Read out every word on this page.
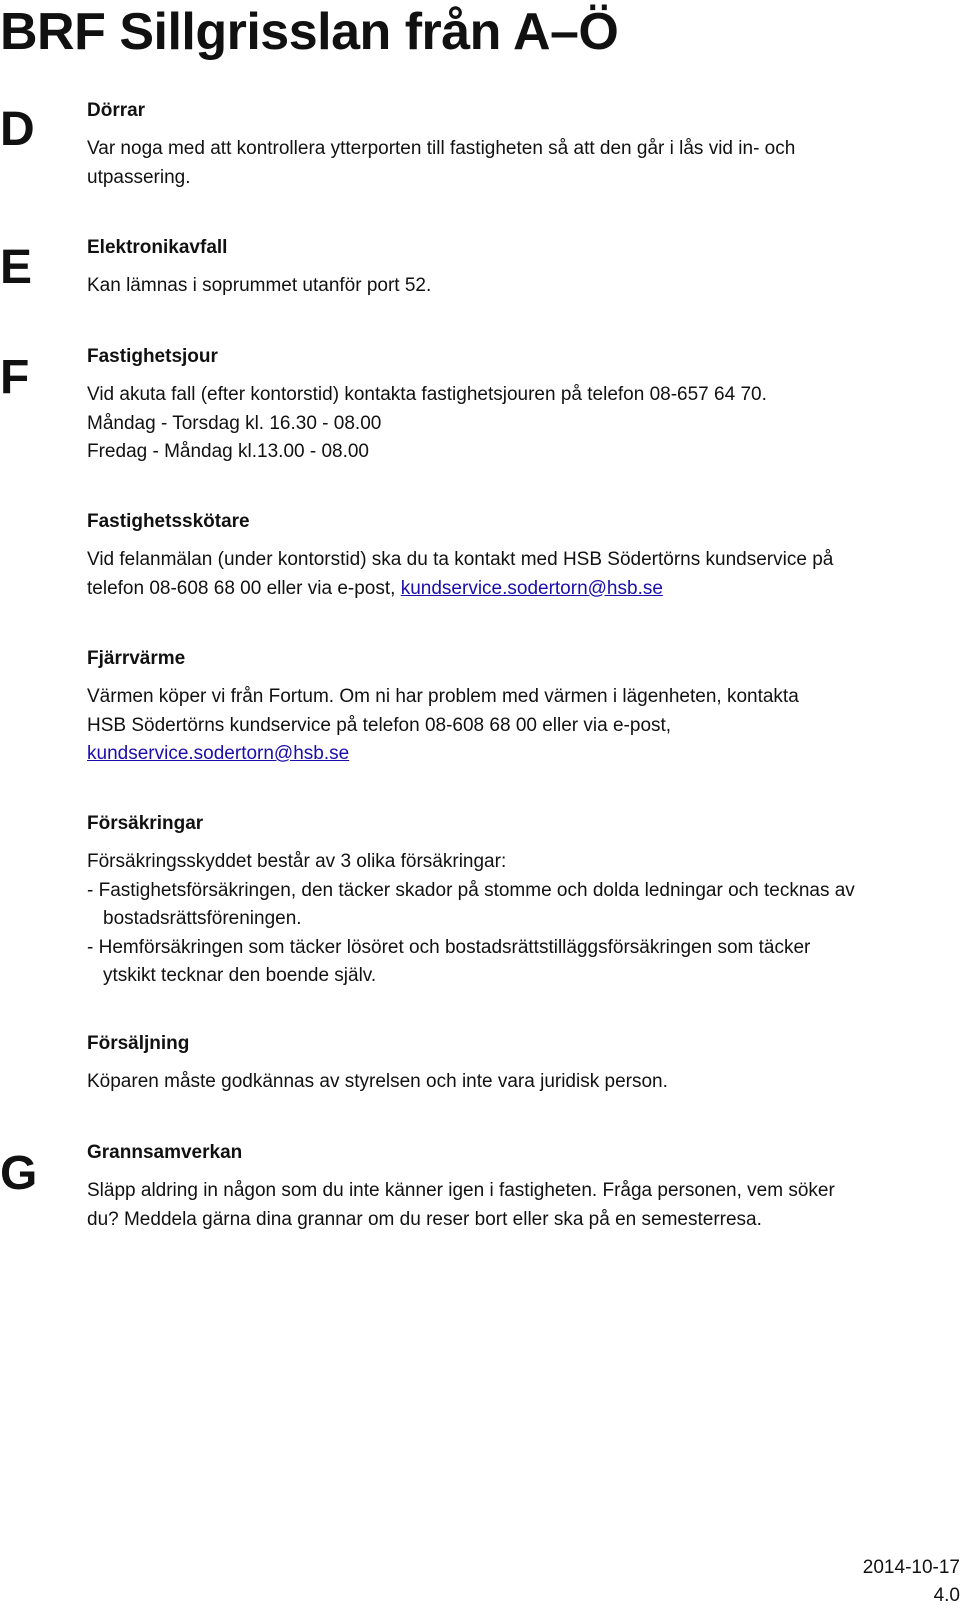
BRF Sillgrisslan från A–Ö
D
E
F
G
Dörrar

Var noga med att kontrollera ytterporten till fastigheten så att den går i lås vid in- och
utpassering.

Elektronikavfall

Kan lämnas i soprummet utanför port 52.

Fastighetsjour

Vid akuta fall (efter kontorstid) kontakta fastighetsjouren på telefon 08-657 64 70.
Måndag - Torsdag kl. 16.30 - 08.00
Fredag - Måndag kl.13.00 - 08.00

Fastighetsskötare

Vid felanmälan (under kontorstid) ska du ta kontakt med HSB Södertörns kundservice på
telefon 08-608 68 00 eller via e-post, kundservice.sodertorn@hsb.se

Fjärrvärme

Värmen köper vi från Fortum. Om ni har problem med värmen i lägenheten, kontakta
HSB Södertörns kundservice på telefon 08-608 68 00 eller via e-post,
kundservice.sodertorn@hsb.se

Försäkringar

Försäkringsskyddet består av 3 olika försäkringar:
- Fastighetsförsäkringen, den täcker skador på stomme och dolda ledningar och tecknas av
bostadsrättsföreningen.
- Hemförsäkringen som täcker lösöret och bostadsrättstilläggsförsäkringen som täcker
ytskikt tecknar den boende själv.

Försäljning

Köparen måste godkännas av styrelsen och inte vara juridisk person.

Grannsamverkan

Släpp aldring in någon som du inte känner igen i fastigheten. Fråga personen, vem söker
du? Meddela gärna dina grannar om du reser bort eller ska på en semesterresa.

2014-10-17
4.0
